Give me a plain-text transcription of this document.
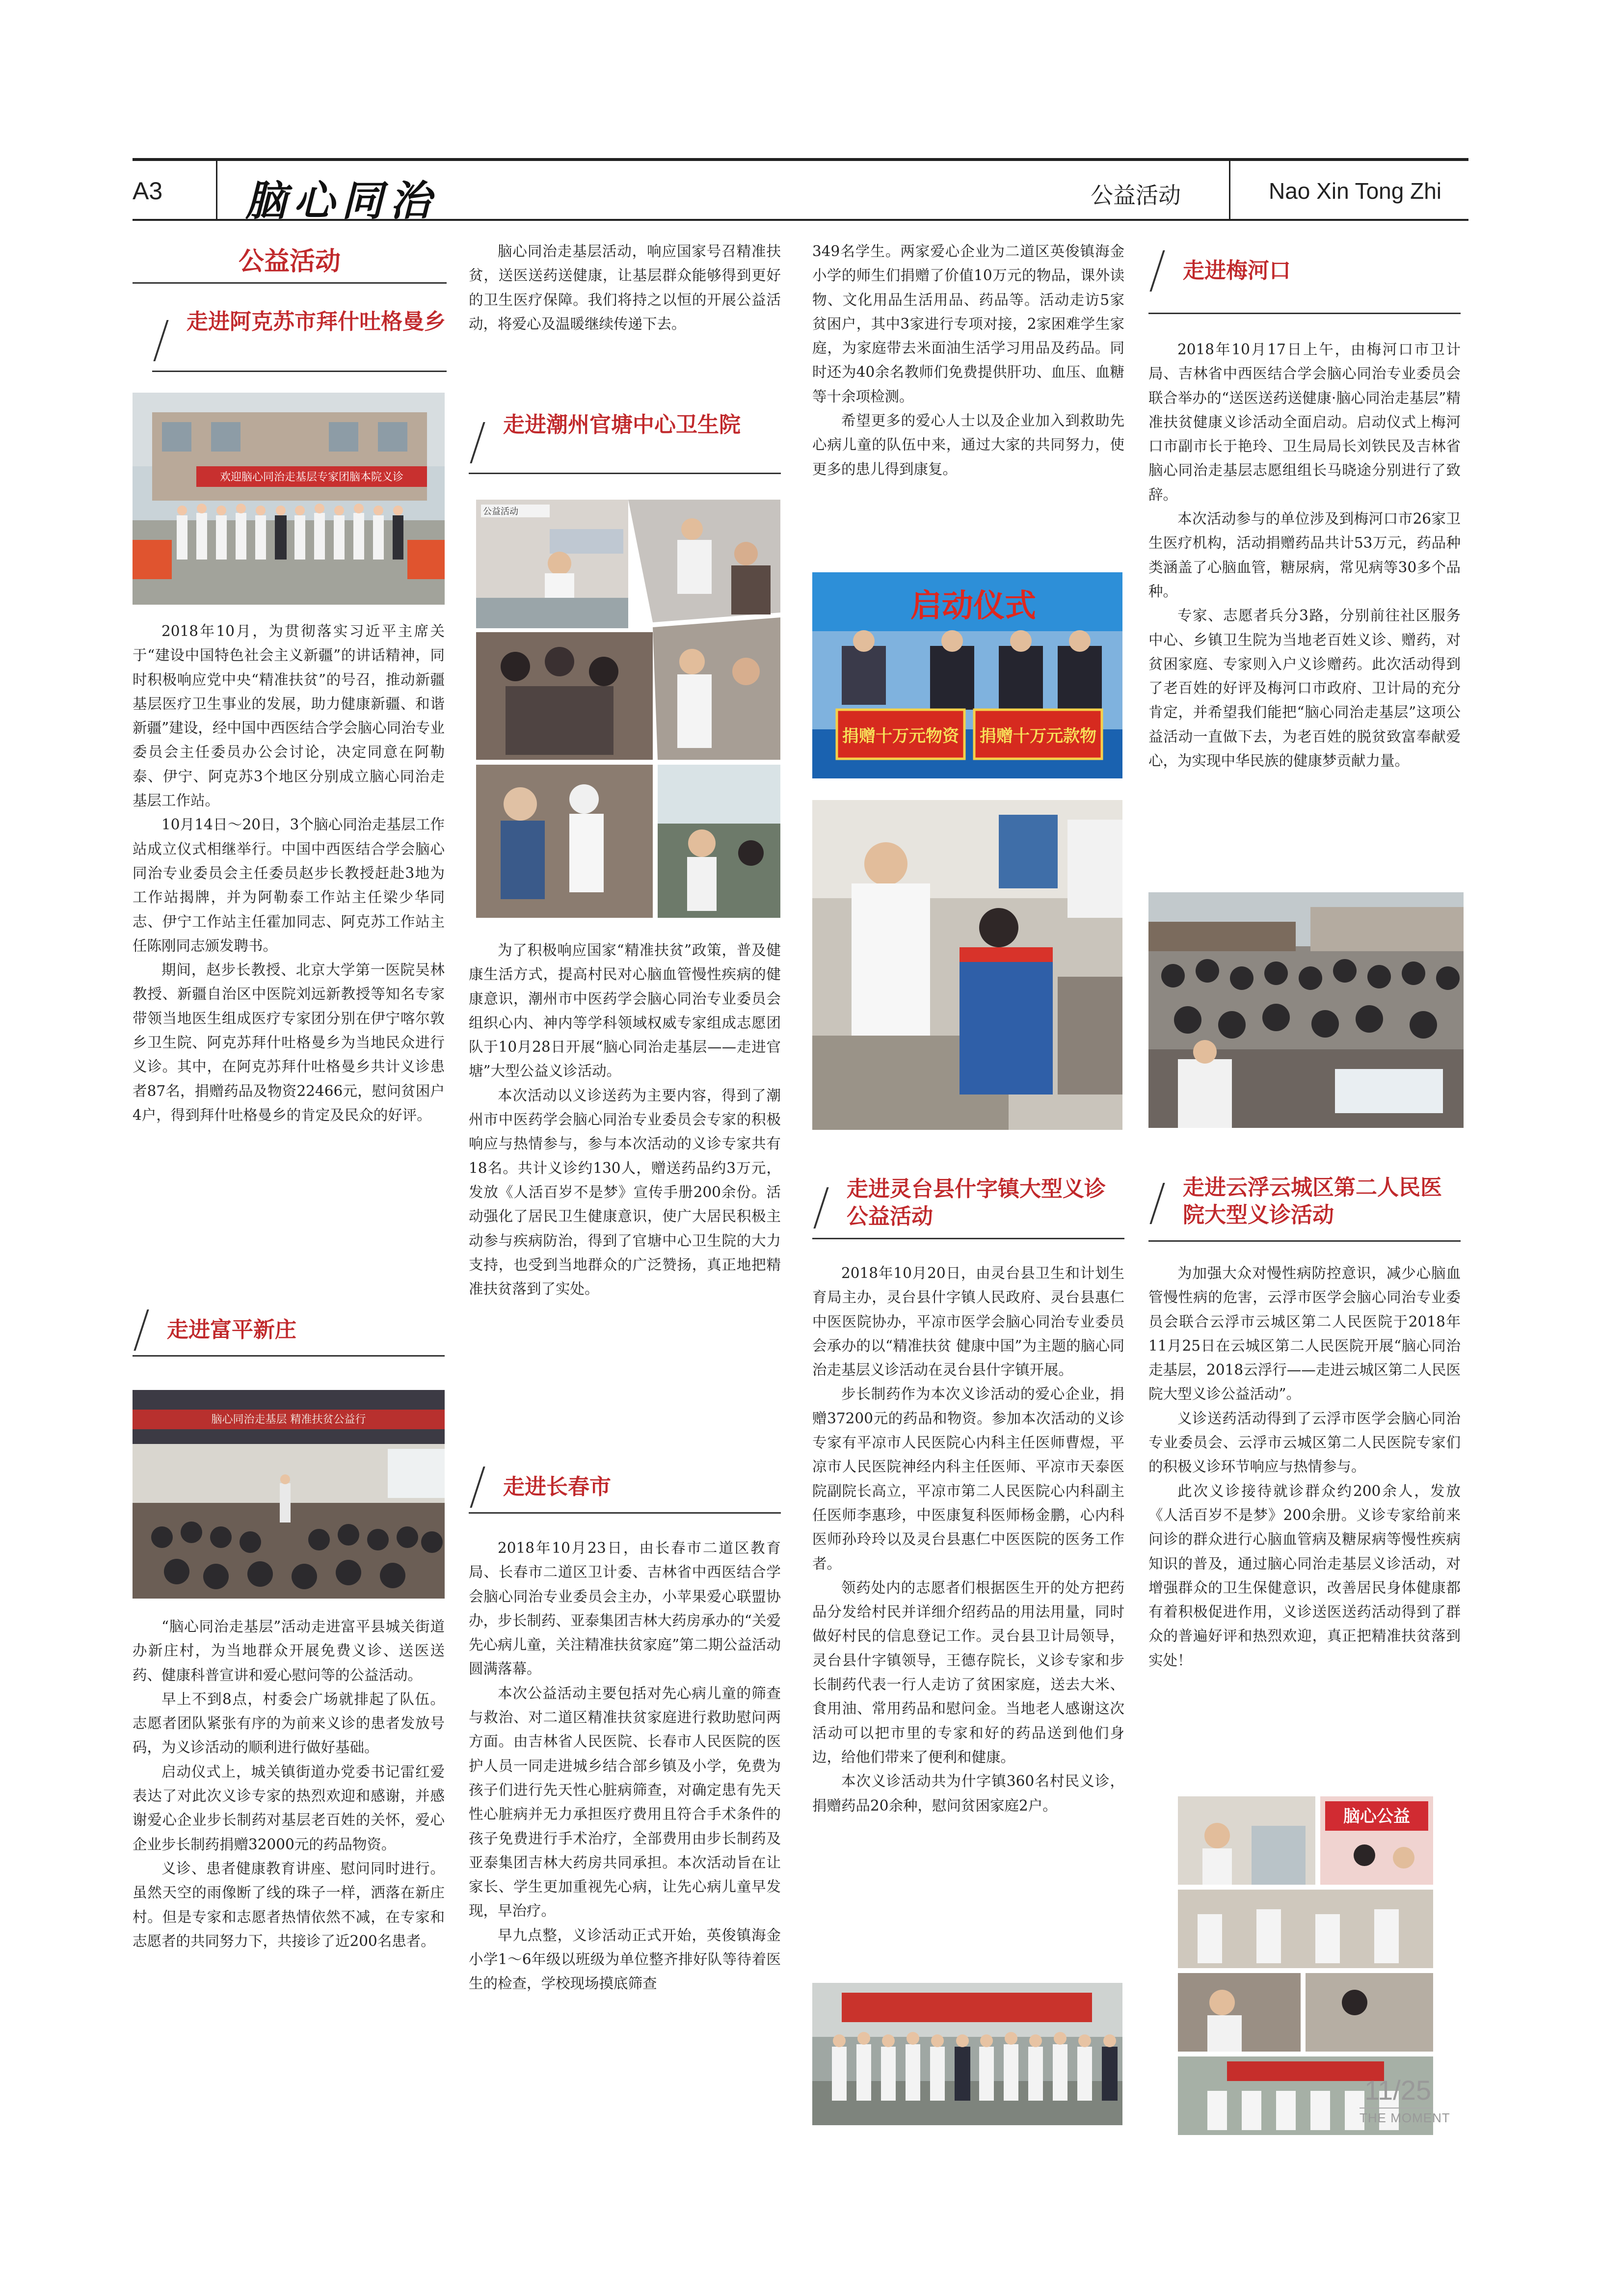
A3 脑心同治	公益活动	Nao Xin Tong Zhi
公益活动
走进阿克苏市拜什吐格曼乡
欢迎脑心同治走基层专家团脑本院义诊

2018年10月，为贯彻落实习近平主席关于“建设中国特色社会主义新疆”的讲话精神，同时积极响应党中央“精准扶贫”的号召，推动新疆基层医疗卫生事业的发展，助力健康新疆、和谐新疆”建设，经中国中西医结合学会脑心同治专业委员会主任委员办公会讨论，决定同意在阿勒泰、伊宁、阿克苏3个地区分别成立脑心同治走基层工作站。

10月14日～20日，3个脑心同治走基层工作站成立仪式相继举行。中国中西医结合学会脑心同治专业委员会主任委员赵步长教授赶赴3地为工作站揭牌，并为阿勒泰工作站主任梁少华同志、伊宁工作站主任霍加同志、阿克苏工作站主任陈刚同志颁发聘书。

期间，赵步长教授、北京大学第一医院吴林教授、新疆自治区中医院刘远新教授等知名专家带领当地医生组成医疗专家团分别在伊宁喀尔敦乡卫生院、阿克苏拜什吐格曼乡为当地民众进行义诊。其中，在阿克苏拜什吐格曼乡共计义诊患者87名，捐赠药品及物资22466元，慰问贫困户4户，得到拜什吐格曼乡的肯定及民众的好评。

走进富平新庄
脑心同治走基层 精准扶贫公益行

“脑心同治走基层”活动走进富平县城关街道办新庄村，为当地群众开展免费义诊、送医送药、健康科普宣讲和爱心慰问等的公益活动。

早上不到8点，村委会广场就排起了队伍。志愿者团队紧张有序的为前来义诊的患者发放号码，为义诊活动的顺利进行做好基础。

启动仪式上，城关镇街道办党委书记雷红爱表达了对此次义诊专家的热烈欢迎和感谢，并感谢爱心企业步长制药对基层老百姓的关怀，爱心企业步长制药捐赠32000元的药品物资。

义诊、患者健康教育讲座、慰问同时进行。虽然天空的雨像断了线的珠子一样，洒落在新庄村。但是专家和志愿者热情依然不减，在专家和志愿者的共同努力下，共接诊了近200名患者。

脑心同治走基层活动，响应国家号召精准扶贫，送医送药送健康，让基层群众能够得到更好的卫生医疗保障。我们将持之以恒的开展公益活动，将爱心及温暖继续传递下去。

走进潮州官塘中心卫生院
公益活动

为了积极响应国家“精准扶贫”政策，普及健康生活方式，提高村民对心脑血管慢性疾病的健康意识，潮州市中医药学会脑心同治专业委员会组织心内、神内等学科领域权威专家组成志愿团队于10月28日开展“脑心同治走基层——走进官塘”大型公益义诊活动。

本次活动以义诊送药为主要内容，得到了潮州市中医药学会脑心同治专业委员会专家的积极响应与热情参与，参与本次活动的义诊专家共有18名。共计义诊约130人，赠送药品约3万元，发放《人活百岁不是梦》宣传手册200余份。活动强化了居民卫生健康意识，使广大居民积极主动参与疾病防治，得到了官塘中心卫生院的大力支持，也受到当地群众的广泛赞扬，真正地把精准扶贫落到了实处。

走进长春市

2018年10月23日，由长春市二道区教育局、长春市二道区卫计委、吉林省中西医结合学会脑心同治专业委员会主办，小苹果爱心联盟协办，步长制药、亚泰集团吉林大药房承办的“关爱先心病儿童，关注精准扶贫家庭”第二期公益活动圆满落幕。

本次公益活动主要包括对先心病儿童的筛查与救治、对二道区精准扶贫家庭进行救助慰问两方面。由吉林省人民医院、长春市人民医院的医护人员一同走进城乡结合部乡镇及小学，免费为孩子们进行先天性心脏病筛查，对确定患有先天性心脏病并无力承担医疗费用且符合手术条件的孩子免费进行手术治疗，全部费用由步长制药及亚泰集团吉林大药房共同承担。本次活动旨在让家长、学生更加重视先心病，让先心病儿童早发现，早治疗。

早九点整，义诊活动正式开始，英俊镇海金小学1～6年级以班级为单位整齐排好队等待着医生的检查，学校现场摸底筛查

349名学生。两家爱心企业为二道区英俊镇海金小学的师生们捐赠了价值10万元的物品，课外读物、文化用品生活用品、药品等。活动走访5家贫困户，其中3家进行专项对接，2家困难学生家庭，为家庭带去米面油生活学习用品及药品。同时还为40余名教师们免费提供肝功、血压、血糖等十余项检测。

希望更多的爱心人士以及企业加入到救助先心病儿童的队伍中来，通过大家的共同努力，使更多的患儿得到康复。

启动仪式
捐赠十万元物资 捐赠十万元款物
走进灵台县什字镇大型义诊公益活动

2018年10月20日，由灵台县卫生和计划生育局主办，灵台县什字镇人民政府、灵台县惠仁中医医院协办，平凉市医学会脑心同治专业委员会承办的以“精准扶贫 健康中国”为主题的脑心同治走基层义诊活动在灵台县什字镇开展。

步长制药作为本次义诊活动的爱心企业，捐赠37200元的药品和物资。参加本次活动的义诊专家有平凉市人民医院心内科主任医师曹煜，平凉市人民医院神经内科主任医师、平凉市天泰医院副院长高立，平凉市第二人民医院心内科副主任医师李惠珍，中医康复科医师杨金鹏，心内科医师孙玲玲以及灵台县惠仁中医医院的医务工作者。

领药处内的志愿者们根据医生开的处方把药品分发给村民并详细介绍药品的用法用量，同时做好村民的信息登记工作。灵台县卫计局领导，灵台县什字镇领导，王德存院长，义诊专家和步长制药代表一行人走访了贫困家庭，送去大米、食用油、常用药品和慰问金。当地老人感谢这次活动可以把市里的专家和好的药品送到他们身边，给他们带来了便利和健康。

本次义诊活动共为什字镇360名村民义诊，捐赠药品20余种，慰问贫困家庭2户。

走进梅河口

2018年10月17日上午，由梅河口市卫计局、吉林省中西医结合学会脑心同治专业委员会联合举办的“送医送药送健康·脑心同治走基层”精准扶贫健康义诊活动全面启动。启动仪式上梅河口市副市长于艳玲、卫生局局长刘铁民及吉林省脑心同治走基层志愿组组长马晓途分别进行了致辞。

本次活动参与的单位涉及到梅河口市26家卫生医疗机构，活动捐赠药品共计53万元，药品种类涵盖了心脑血管，糖尿病，常见病等30多个品种。

专家、志愿者兵分3路，分别前往社区服务中心、乡镇卫生院为当地老百姓义诊、赠药，对贫困家庭、专家则入户义诊赠药。此次活动得到了老百姓的好评及梅河口市政府、卫计局的充分肯定，并希望我们能把“脑心同治走基层”这项公益活动一直做下去，为老百姓的脱贫致富奉献爱心，为实现中华民族的健康梦贡献力量。

走进云浮云城区第二人民医院大型义诊活动

为加强大众对慢性病防控意识，减少心脑血管慢性病的危害，云浮市医学会脑心同治专业委员会联合云浮市云城区第二人民医院于2018年11月25日在云城区第二人民医院开展“脑心同治走基层，2018云浮行——走进云城区第二人民医院大型义诊公益活动”。

义诊送药活动得到了云浮市医学会脑心同治专业委员会、云浮市云城区第二人民医院专家们的积极义诊环节响应与热情参与。

此次义诊接待就诊群众约200余人，发放《人活百岁不是梦》200余册。义诊专家给前来问诊的群众进行心脑血管病及糖尿病等慢性疾病知识的普及，通过脑心同治走基层义诊活动，对增强群众的卫生保健意识，改善居民身体健康都有着积极促进作用，义诊送医送药活动得到了群众的普遍好评和热烈欢迎，真正把精准扶贫落到实处！

脑心公益
11/25
THE MOMENT
